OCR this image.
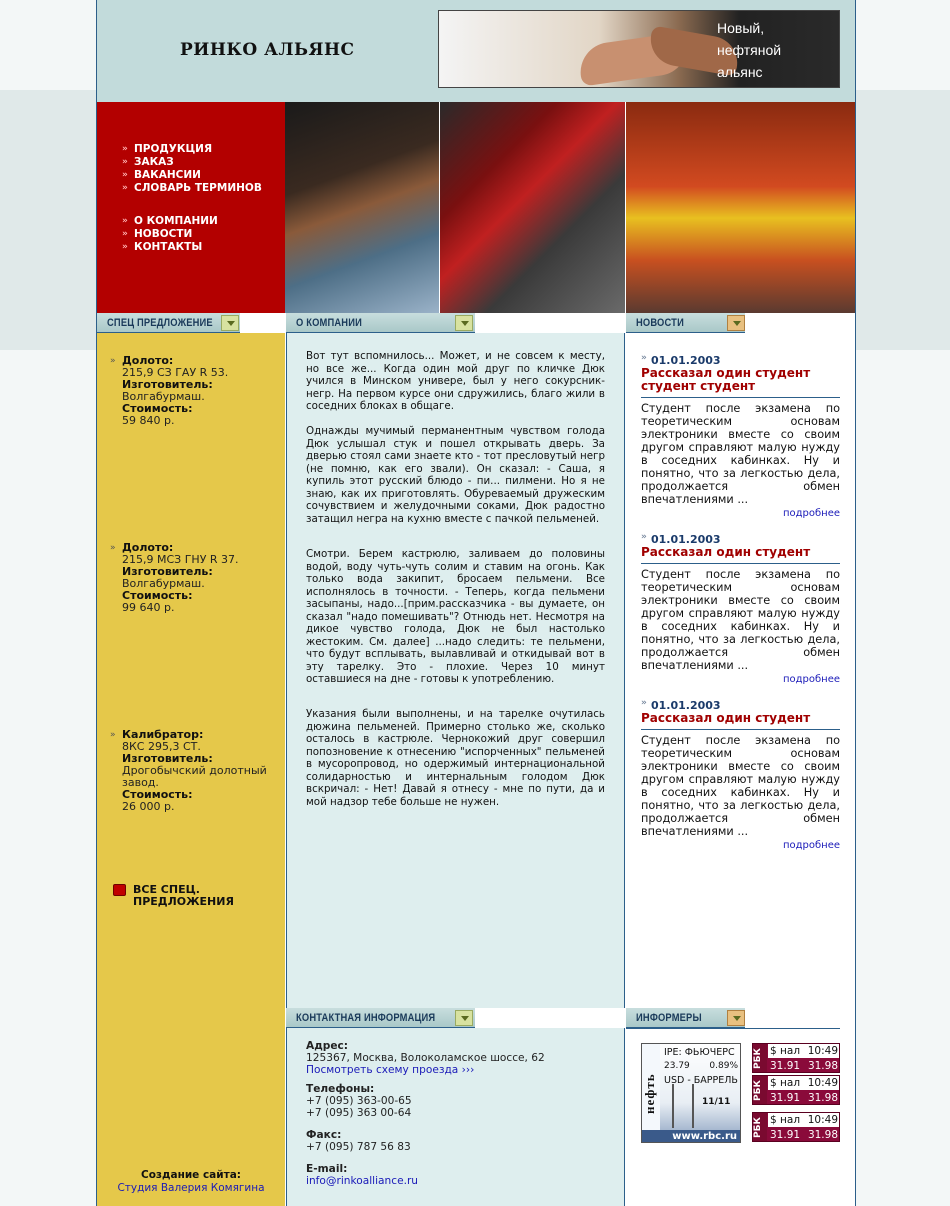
РИНКО АЛЬЯНС
Новый,
нефтяной
альянс
» ПРОДУКЦИЯ
» ЗАКАЗ
» ВАКАНСИИ
» СЛОВАРЬ ТЕРМИНОВ
» О КОМПАНИИ
» НОВОСТИ
» КОНТАКТЫ
СПЕЦ ПРЕДЛОЖЕНИЕ	О КОМПАНИИ	НОВОСТИ
» Долото:
215,9 СЗ ГАУ R 53.
Изготовитель:
Волгабурмаш.
Стоимость:
59 840 р.
» Долото:
215,9 МСЗ ГНУ R 37.
Изготовитель:
Волгабурмаш.
Стоимость:
99 640 р.
» Калибратор:
8КС 295,3 СТ.
Изготовитель:
Дрогобычский долотный завод.
Стоимость:
26 000 р.
ВСЕ СПЕЦ. ПРЕДЛОЖЕНИЯ
Вот тут вспомнилось... Может, и не совсем к месту, но все же... Когда один мой друг по кличке Дюк учился в Минском универе, был у него сокурсник-негр. На первом курсе они сдружились, благо жили в соседних блоках в общаге.
Однажды мучимый перманентным чувством голода Дюк услышал стук и пошел открывать дверь. За дверью стоял сами знаете кто - тот пресловутый негр (не помню, как его звали). Он сказал: - Саша, я купиль этот русский блюдо - пи... пилмени. Но я не знаю, как их приготовлять. Обуреваемый дружеским сочувствием и желудочными соками, Дюк радостно затащил негра на кухню вместе с пачкой пельменей.
Смотри. Берем кастрюлю, заливаем до половины водой, воду чуть-чуть солим и ставим на огонь. Как только вода закипит, бросаем пельмени. Все исполнялось в точности. - Теперь, когда пельмени засыпаны, надо...[прим.рассказчика - вы думаете, он сказал "надо помешивать"? Отнюдь нет. Несмотря на дикое чувство голода, Дюк не был настолько жестоким. См. далее] ...надо следить: те пельмени, что будут всплывать, вылавливай и откидывай вот в эту тарелку. Это - плохие. Через 10 минут оставшиеся на дне - готовы к употреблению.
Указания были выполнены, и на тарелке очутилась дюжина пельменей. Примерно столько же, сколько осталось в кастрюле. Чернокожий друг совершил попозновение к отнесению "испорченных" пельменей в мусоропровод, но одержимый интернациональной солидарностью и интернальным голодом Дюк вскричал: - Нет! Давай я отнесу - мне по пути, да и мой надзор тебе больше не нужен.
» 01.01.2003
Рассказал один студент студент студент
Студент после экзамена по теоретическим основам электроники вместе со своим другом справляют малую нужду в соседних кабинках. Ну и понятно, что за легкостью дела, продолжается обмен впечатлениями ...
подробнее
» 01.01.2003
Рассказал один студент
Студент после экзамена по теоретическим основам электроники вместе со своим другом справляют малую нужду в соседних кабинках. Ну и понятно, что за легкостью дела, продолжается обмен впечатлениями ...
подробнее
» 01.01.2003
Рассказал один студент
Студент после экзамена по теоретическим основам электроники вместе со своим другом справляют малую нужду в соседних кабинках. Ну и понятно, что за легкостью дела, продолжается обмен впечатлениями ...
подробнее
КОНТАКТНАЯ ИНФОРМАЦИЯ	ИНФОРМЕРЫ
Адрес:
125367, Москва, Волоколамское шоссе, 62
Посмотреть схему проезда ›››
Телефоны:
+7 (095) 363-00-65
+7 (095) 363 00-64
Факс:
+7 (095) 787 56 83
E-mail:
info@rinkoalliance.ru
нефть
IPE: ФЬЮЧЕРС
23.79 0.89%
USD - БАРРЕЛЬ
11/11
www.rbc.ru
РБК $ нал 10:49
31.91 31.98
РБК $ нал 10:49
31.91 31.98
РБК $ нал 10:49
31.91 31.98
Создание сайта:
Студия Валерия Комягина
